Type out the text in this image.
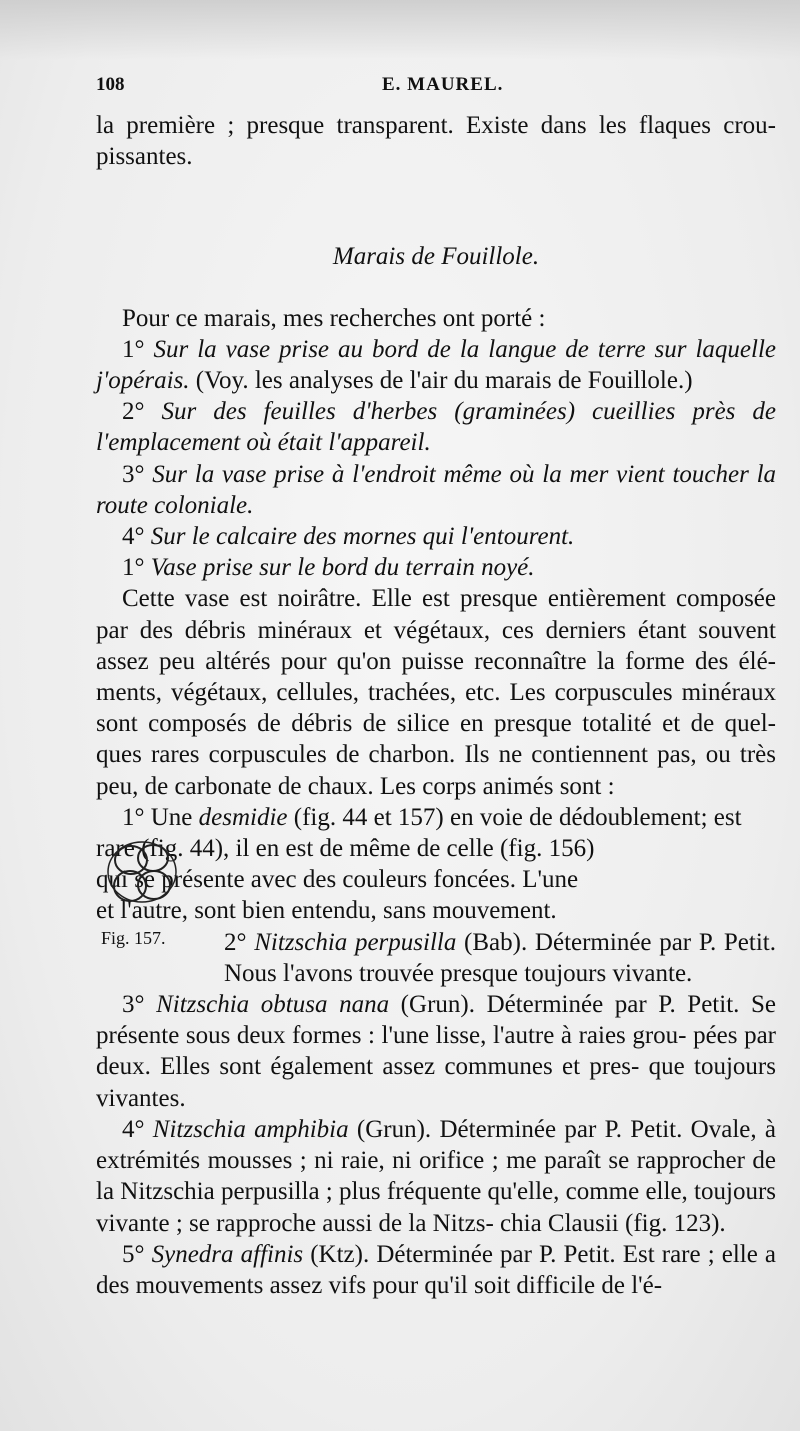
108	E. MAUREL.

la première ; presque transparent. Existe dans les flaques crou- pissantes.

Marais de Fouillole.

Pour ce marais, mes recherches ont porté :

1° Sur la vase prise au bord de la langue de terre sur laquelle j'opérais. (Voy. les analyses de l'air du marais de Fouillole.)

2° Sur des feuilles d'herbes (graminées) cueillies près de l'emplacement où était l'appareil.

3° Sur la vase prise à l'endroit même où la mer vient toucher la route coloniale.

4° Sur le calcaire des mornes qui l'entourent.

1° Vase prise sur le bord du terrain noyé.

Cette vase est noirâtre. Elle est presque entièrement composée par des débris minéraux et végétaux, ces derniers étant souvent assez peu altérés pour qu'on puisse reconnaître la forme des élé- ments, végétaux, cellules, trachées, etc. Les corpuscules minéraux sont composés de débris de silice en presque totalité et de quel- ques rares corpuscules de charbon. Ils ne contiennent pas, ou très peu, de carbonate de chaux. Les corps animés sont :

1° Une desmidie (fig. 44 et 157) en voie de dédoublement; est

rare (fig. 44), il en est de même de celle (fig. 156)
qui se présente avec des couleurs foncées. L'une
et l'autre, sont bien entendu, sans mouvement.

2° Nitzschia perpusilla (Bab). Déterminée par P. Petit. Nous l'avons trouvée presque toujours vivante.

3° Nitzschia obtusa nana (Grun). Déterminée par P. Petit. Se présente sous deux formes : l'une lisse, l'autre à raies grou- pées par deux. Elles sont également assez communes et pres- que toujours vivantes.

4° Nitzschia amphibia (Grun). Déterminée par P. Petit. Ovale, à extrémités mousses ; ni raie, ni orifice ; me paraît se rapprocher de la Nitzschia perpusilla ; plus fréquente qu'elle, comme elle, toujours vivante ; se rapproche aussi de la Nitzs- chia Clausii (fig. 123).

5° Synedra affinis (Ktz). Déterminée par P. Petit. Est rare ; elle a des mouvements assez vifs pour qu'il soit difficile de l'é-

Fig. 157.
